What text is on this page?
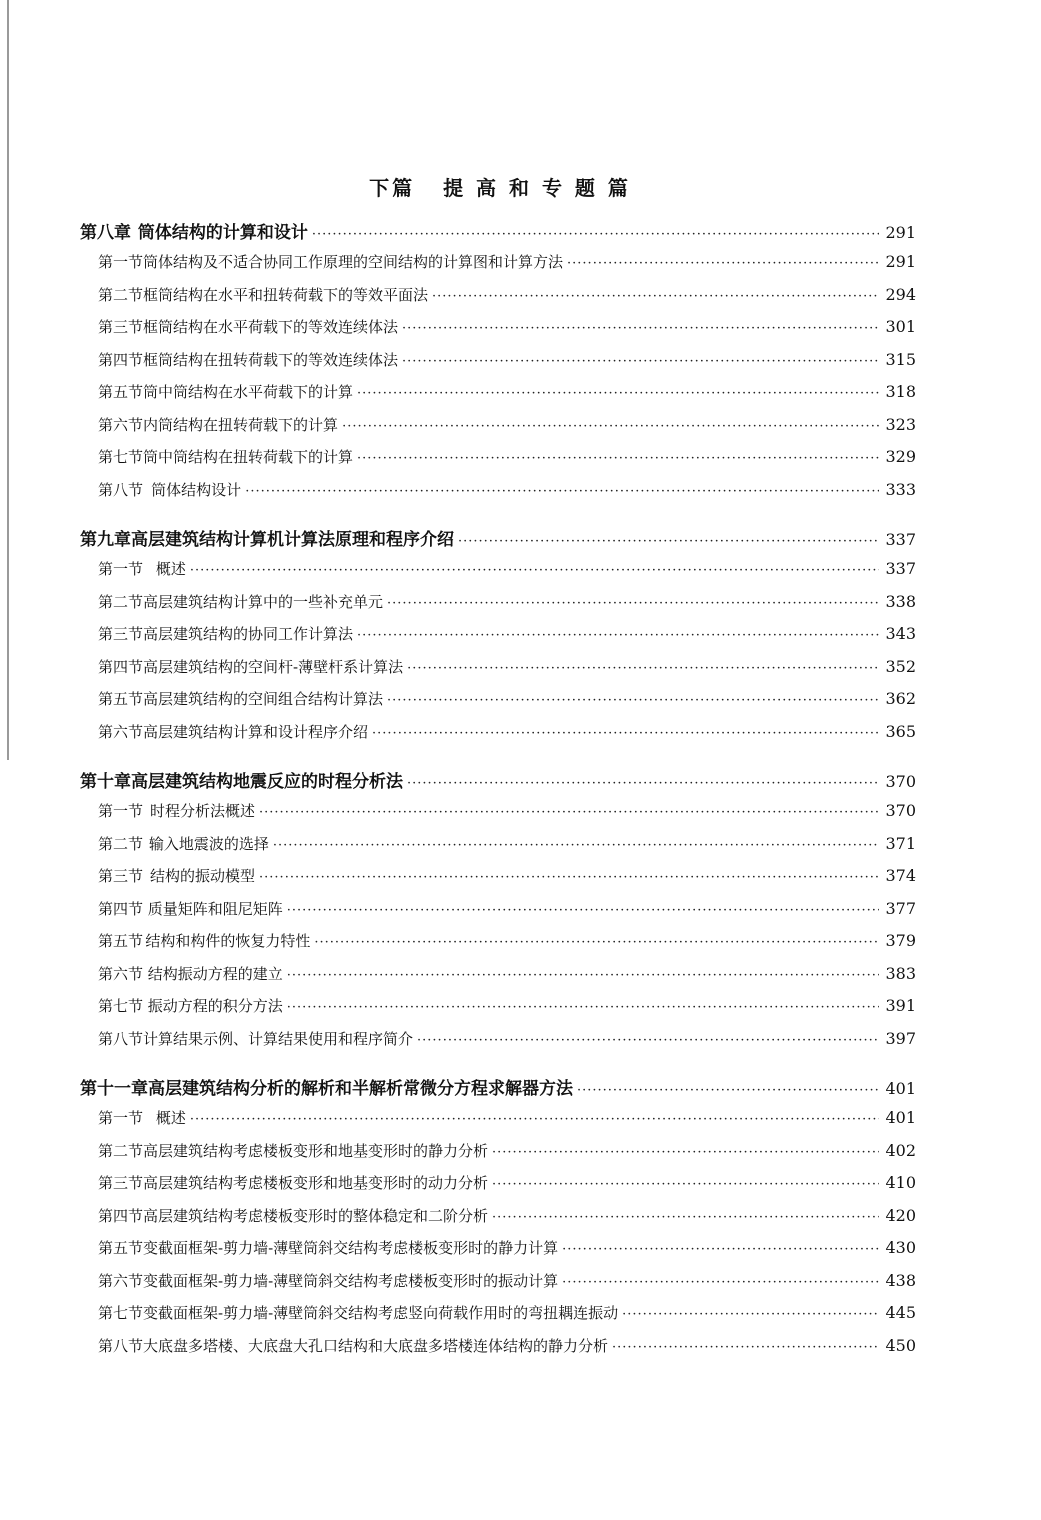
下篇 提 高 和 专 题 篇
第八章 筒体结构的计算和设计 ·····	291
第一节 筒体结构及不适合协同工作原理的空间结构的计算图和计算方法 ·····	291
第二节 框筒结构在水平和扭转荷载下的等效平面法 ·····	294
第三节 框筒结构在水平荷载下的等效连续体法 ·····	301
第四节 框筒结构在扭转荷载下的等效连续体法 ·····	315
第五节 筒中筒结构在水平荷载下的计算 ·····	318
第六节 内筒结构在扭转荷载下的计算 ·····	323
第七节 筒中筒结构在扭转荷载下的计算 ·····	329
第八节 筒体结构设计 ·····	333
第九章 高层建筑结构计算机计算法原理和程序介绍 ·····	337
第一节 概述 ·····	337
第二节 高层建筑结构计算中的一些补充单元 ·····	338
第三节 高层建筑结构的协同工作计算法 ·····	343
第四节 高层建筑结构的空间杆-薄壁杆系计算法 ·····	352
第五节 高层建筑结构的空间组合结构计算法 ·····	362
第六节 高层建筑结构计算和设计程序介绍 ·····	365
第十章 高层建筑结构地震反应的时程分析法 ·····	370
第一节 时程分析法概述 ·····	370
第二节 输入地震波的选择 ·····	371
第三节 结构的振动模型 ·····	374
第四节 质量矩阵和阻尼矩阵 ·····	377
第五节 结构和构件的恢复力特性 ·····	379
第六节 结构振动方程的建立 ·····	383
第七节 振动方程的积分方法 ·····	391
第八节 计算结果示例、计算结果使用和程序简介 ·····	397
第十一章 高层建筑结构分析的解析和半解析常微分方程求解器方法 ·····	401
第一节 概述 ·····	401
第二节 高层建筑结构考虑楼板变形和地基变形时的静力分析 ·····	402
第三节 高层建筑结构考虑楼板变形和地基变形时的动力分析 ·····	410
第四节 高层建筑结构考虑楼板变形时的整体稳定和二阶分析 ·····	420
第五节 变截面框架-剪力墙-薄壁筒斜交结构考虑楼板变形时的静力计算 ·····	430
第六节 变截面框架-剪力墙-薄壁筒斜交结构考虑楼板变形时的振动计算 ·····	438
第七节 变截面框架-剪力墙-薄壁筒斜交结构考虑竖向荷载作用时的弯扭耦连振动 ·····	445
第八节 大底盘多塔楼、大底盘大孔口结构和大底盘多塔楼连体结构的静力分析 ·····	450
